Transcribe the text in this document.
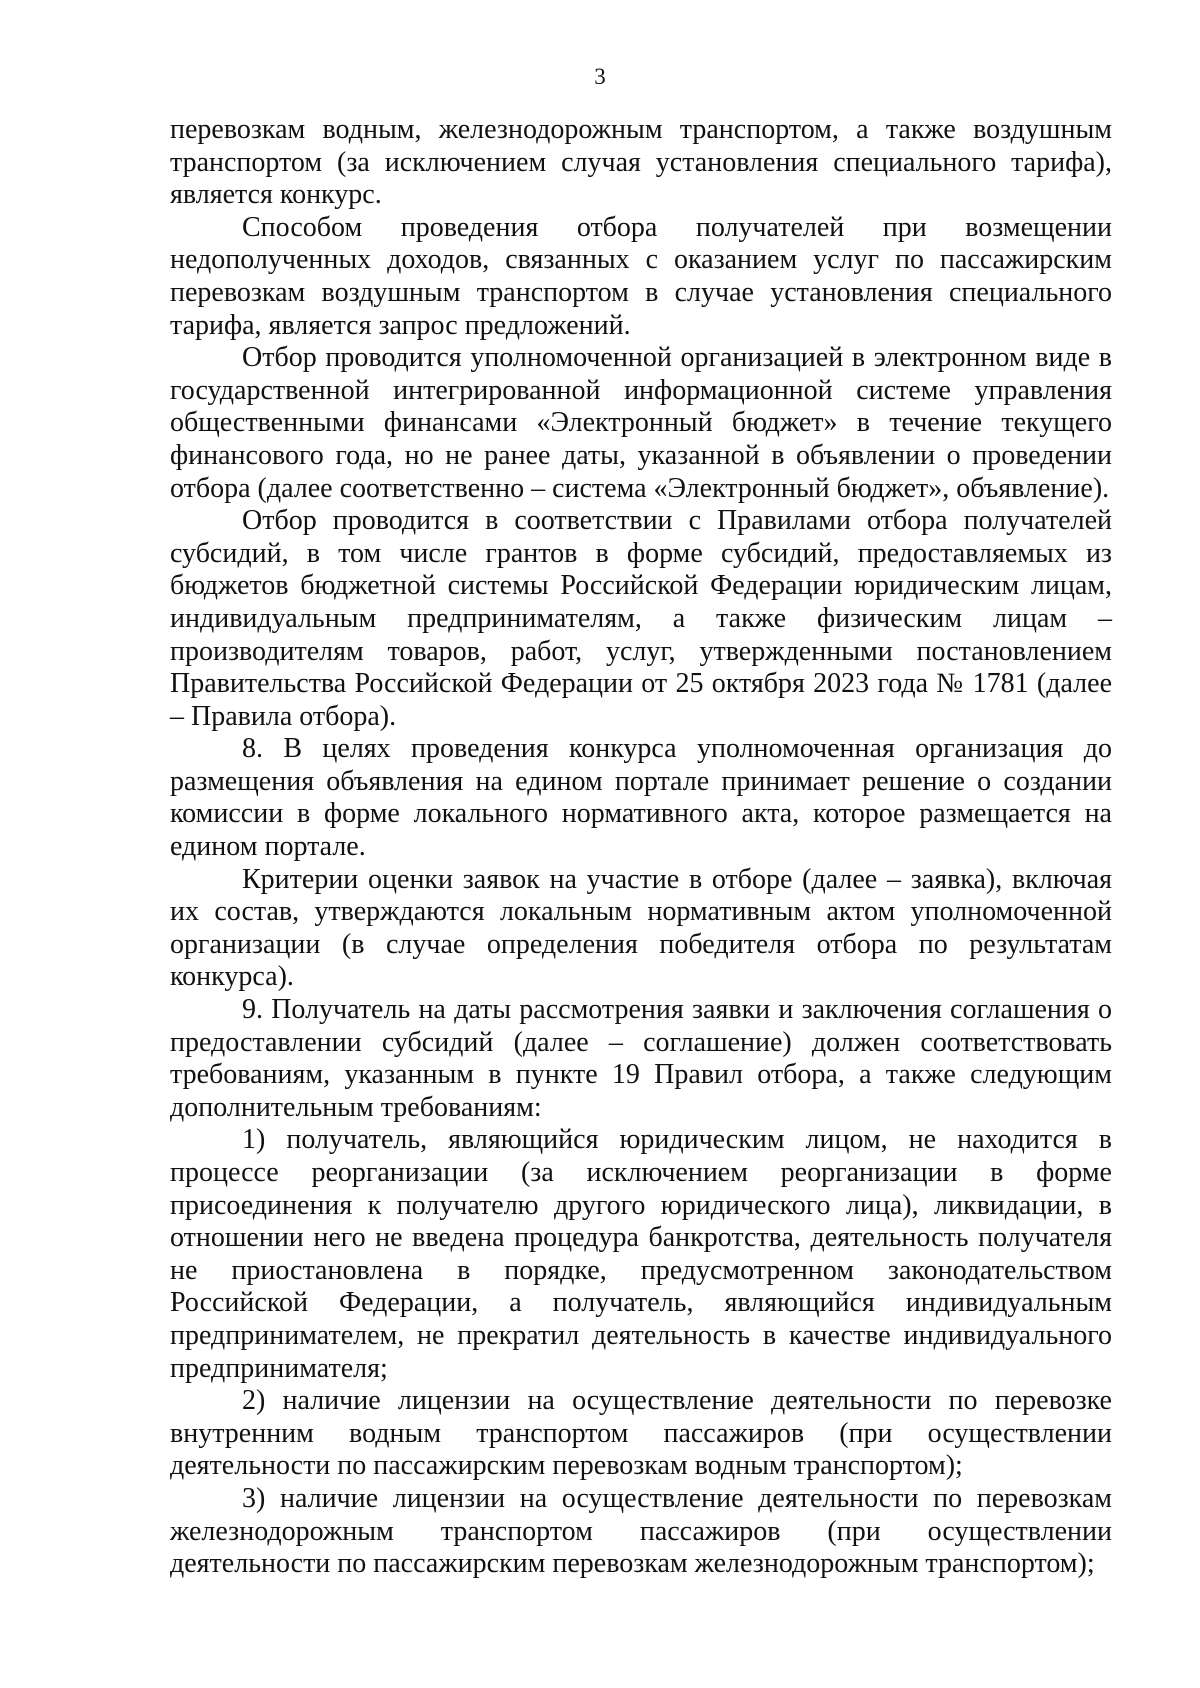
3

перевозкам водным, железнодорожным транспортом, а также воздушным транспортом (за исключением случая установления специального тарифа), является конкурс.

Способом проведения отбора получателей при возмещении недополученных доходов, связанных с оказанием услуг по пассажирским перевозкам воздушным транспортом в случае установления специального тарифа, является запрос предложений.

Отбор проводится уполномоченной организацией в электронном виде в государственной интегрированной информационной системе управления общественными финансами «Электронный бюджет» в течение текущего финансового года, но не ранее даты, указанной в объявлении о проведении отбора (далее соответственно – система «Электронный бюджет», объявление).

Отбор проводится в соответствии с Правилами отбора получателей субсидий, в том числе грантов в форме субсидий, предоставляемых из бюджетов бюджетной системы Российской Федерации юридическим лицам, индивидуальным предпринимателям, а также физическим лицам – производителям товаров, работ, услуг, утвержденными постановлением Правительства Российской Федерации от 25 октября 2023 года № 1781 (далее – Правила отбора).

8. В целях проведения конкурса уполномоченная организация до размещения объявления на едином портале принимает решение о создании комиссии в форме локального нормативного акта, которое размещается на едином портале.

Критерии оценки заявок на участие в отборе (далее – заявка), включая их состав, утверждаются локальным нормативным актом уполномоченной организации (в случае определения победителя отбора по результатам конкурса).

9. Получатель на даты рассмотрения заявки и заключения соглашения о предоставлении субсидий (далее – соглашение) должен соответствовать требованиям, указанным в пункте 19 Правил отбора, а также следующим дополнительным требованиям:

1) получатель, являющийся юридическим лицом, не находится в процессе реорганизации (за исключением реорганизации в форме присоединения к получателю другого юридического лица), ликвидации, в отношении него не введена процедура банкротства, деятельность получателя не приостановлена в порядке, предусмотренном законодательством Российской Федерации, а получатель, являющийся индивидуальным предпринимателем, не прекратил деятельность в качестве индивидуального предпринимателя;

2) наличие лицензии на осуществление деятельности по перевозке внутренним водным транспортом пассажиров (при осуществлении деятельности по пассажирским перевозкам водным транспортом);

3) наличие лицензии на осуществление деятельности по перевозкам железнодорожным транспортом пассажиров (при осуществлении деятельности по пассажирским перевозкам железнодорожным транспортом);
